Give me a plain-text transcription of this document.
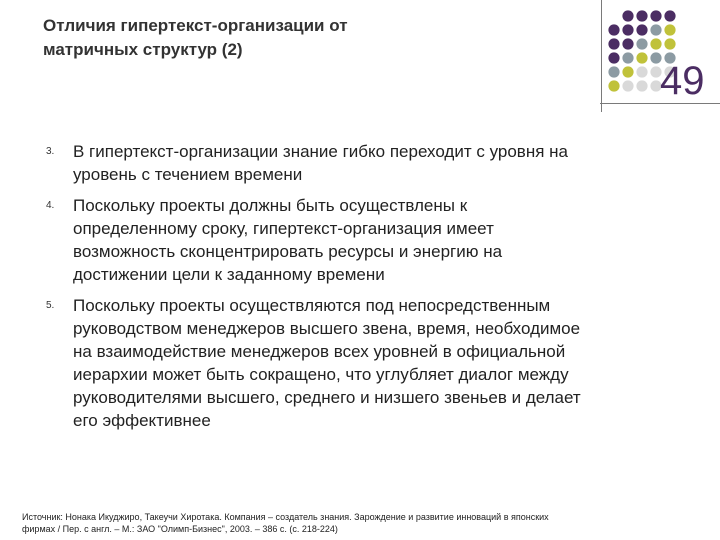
Отличия гипертекст-организации от
матричных структур (2)
49
3. В гипертекст-организации знание гибко переходит с уровня на
уровень с течением времени
4. Поскольку проекты должны быть осуществлены к
определенному сроку, гипертекст-организация имеет
возможность сконцентрировать ресурсы и энергию на
достижении цели к заданному времени
5. Поскольку проекты осуществляются под непосредственным
руководством менеджеров высшего звена, время, необходимое
на взаимодействие менеджеров всех уровней в официальной
иерархии может быть сокращено, что углубляет диалог между
руководителями высшего, среднего и низшего звеньев и делает
его эффективнее
Источник: Нонака Икуджиро, Такеучи Хиротака. Компания – создатель знания. Зарождение и развитие инноваций в японских
фирмах / Пер. с англ. – М.: ЗАО "Олимп-Бизнес", 2003. – 386 с. (с. 218-224)
